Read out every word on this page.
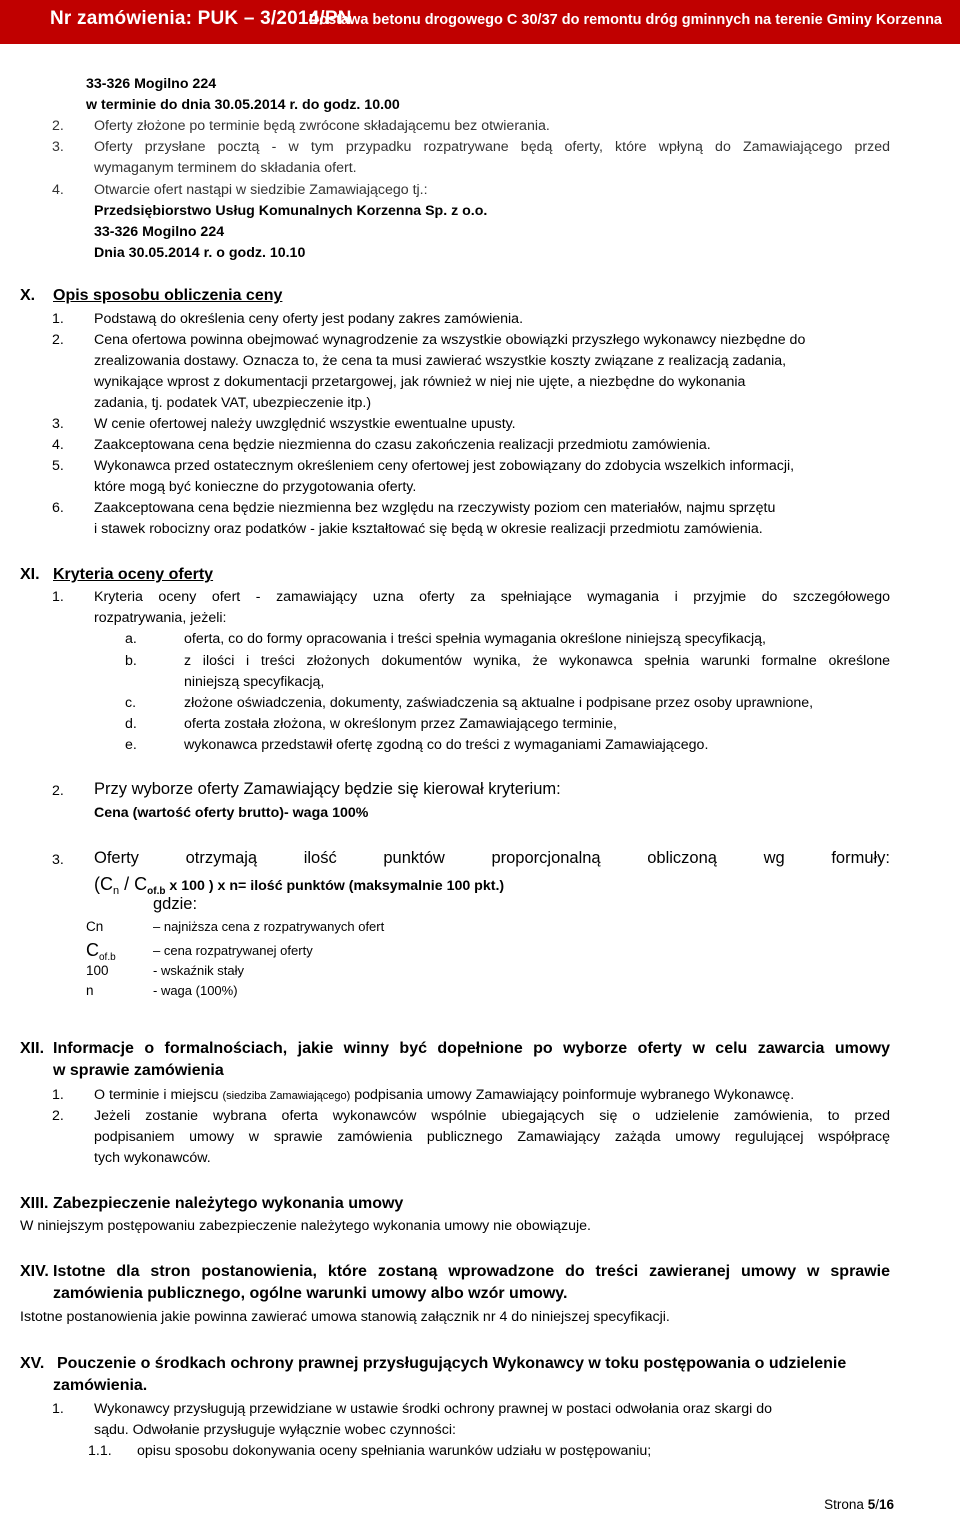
Nr zamówienia: PUK – 3/2014/PN
Dostawa betonu drogowego C 30/37 do remontu dróg gminnych na terenie Gminy Korzenna
33-326 Mogilno 224
w terminie do dnia 30.05.2014 r. do godz. 10.00
2. Oferty złożone po terminie będą zwrócone składającemu bez otwierania.
3. Oferty przysłane pocztą - w tym przypadku rozpatrywane będą oferty, które wpłyną do Zamawiającego przed
wymaganym terminem do składania ofert.
4. Otwarcie ofert nastąpi w siedzibie Zamawiającego tj.:
Przedsiębiorstwo Usług Komunalnych Korzenna Sp. z o.o.
33-326 Mogilno 224
Dnia 30.05.2014 r. o godz. 10.10
X. Opis sposobu obliczenia ceny
1. Podstawą do określenia ceny oferty jest podany zakres zamówienia.
2. Cena ofertowa powinna obejmować wynagrodzenie za wszystkie obowiązki przyszłego wykonawcy niezbędne do
zrealizowania dostawy. Oznacza to, że cena ta musi zawierać wszystkie koszty związane z realizacją zadania,
wynikające wprost z dokumentacji przetargowej, jak również w niej nie ujęte, a niezbędne do wykonania
zadania, tj. podatek VAT, ubezpieczenie itp.)
3. W cenie ofertowej należy uwzględnić wszystkie ewentualne upusty.
4. Zaakceptowana cena będzie niezmienna do czasu zakończenia realizacji przedmiotu zamówienia.
5. Wykonawca przed ostatecznym określeniem ceny ofertowej jest zobowiązany do zdobycia wszelkich informacji,
które mogą być konieczne do przygotowania oferty.
6. Zaakceptowana cena będzie niezmienna bez względu na rzeczywisty poziom cen materiałów, najmu sprzętu
i stawek robocizny oraz podatków - jakie kształtować się będą w okresie realizacji przedmiotu zamówienia.
XI. Kryteria oceny oferty
1. Kryteria oceny ofert - zamawiający uzna oferty za spełniające wymagania i przyjmie do szczegółowego
rozpatrywania, jeżeli:
a.	oferta, co do formy opracowania i treści spełnia wymagania określone niniejszą specyfikacją,
b.	z ilości i treści złożonych dokumentów wynika, że wykonawca spełnia warunki formalne określone
niniejszą specyfikacją,
c.	złożone oświadczenia, dokumenty, zaświadczenia są aktualne i podpisane przez osoby uprawnione,
d.	oferta została złożona, w określonym przez Zamawiającego terminie,
e.	wykonawca przedstawił ofertę zgodną co do treści z wymaganiami Zamawiającego.
2. Przy wyborze oferty Zamawiający będzie się kierował kryterium:
Cena (wartość oferty brutto)- waga 100%
3. Oferty	otrzymają	ilość	punktów	proporcjonalną	obliczoną	wg	formuły:
($C_n / C_{of.b}$ x 100 ) x n= ilość punktów (maksymalnie 100 pkt.)
gdzie:
Cn	– najniższa cena z rozpatrywanych ofert
$C_{of.b}$	– cena rozpatrywanej oferty
100	- wskaźnik stały
n	- waga (100%)
XII. Informacje o formalnościach, jakie winny być dopełnione po wyborze oferty w celu zawarcia umowy
w sprawie zamówienia
1. O terminie i miejscu (siedziba Zamawiającego) podpisania umowy Zamawiający poinformuje wybranego Wykonawcę.
2. Jeżeli zostanie wybrana oferta wykonawców wspólnie ubiegających się o udzielenie zamówienia, to przed
podpisaniem umowy w sprawie zamówienia publicznego Zamawiający zażąda umowy regulującej współpracę
tych wykonawców.
XIII. Zabezpieczenie należytego wykonania umowy
W niniejszym postępowaniu zabezpieczenie należytego wykonania umowy nie obowiązuje.
XIV. Istotne dla stron postanowienia, które zostaną wprowadzone do treści zawieranej umowy w sprawie
zamówienia publicznego, ogólne warunki umowy albo wzór umowy.
Istotne postanowienia jakie powinna zawierać umowa stanowią załącznik nr 4 do niniejszej specyfikacji.
XV. Pouczenie o środkach ochrony prawnej przysługujących Wykonawcy w toku postępowania o udzielenie
zamówienia.
1. Wykonawcy przysługują przewidziane w ustawie środki ochrony prawnej w postaci odwołania oraz skargi do
sądu. Odwołanie przysługuje wyłącznie wobec czynności:
1.1. opisu sposobu dokonywania oceny spełniania warunków udziału w postępowaniu;
Strona 5/16
